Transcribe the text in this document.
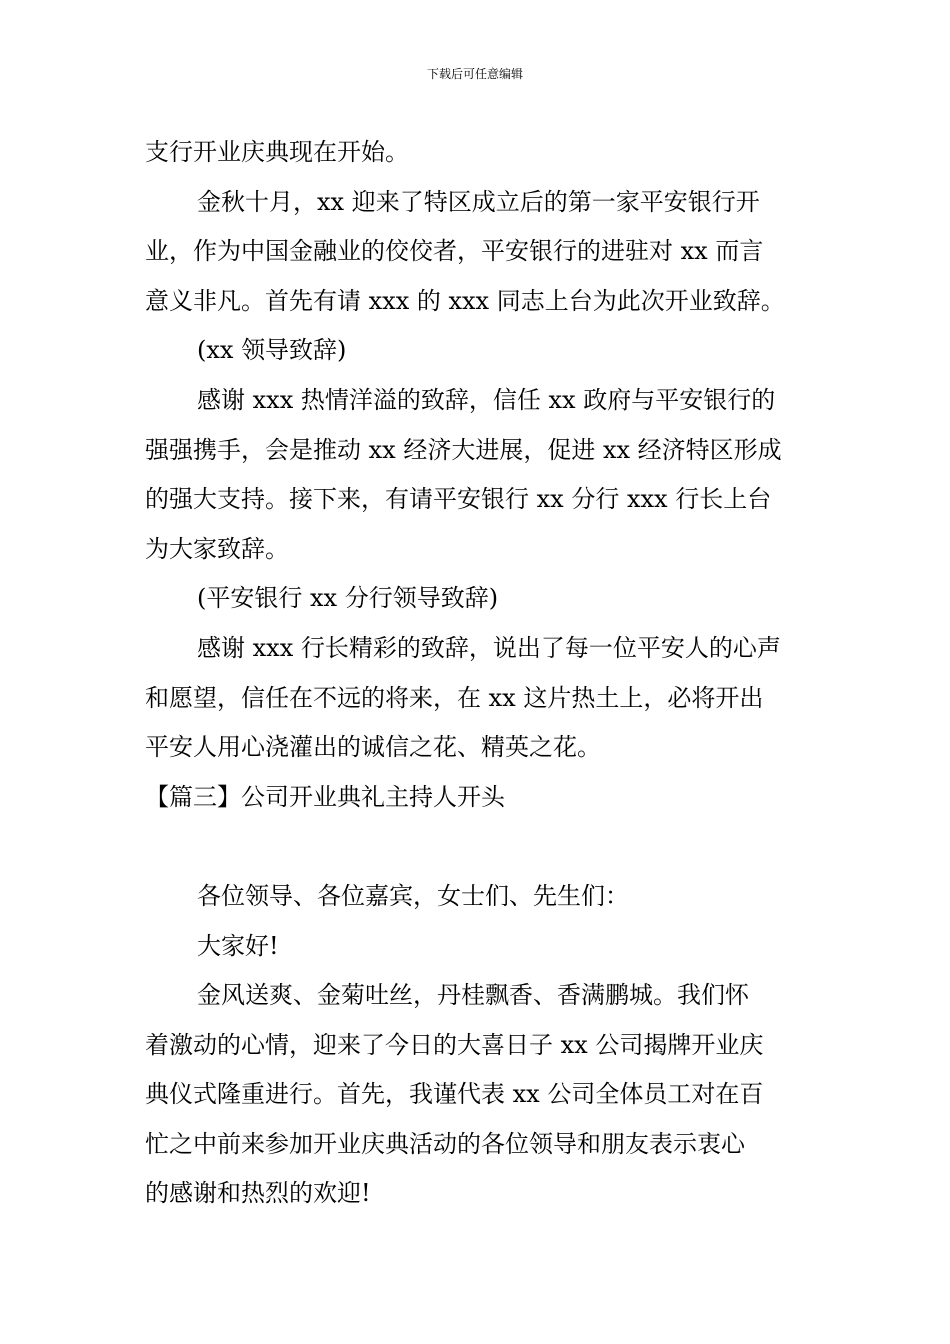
下载后可任意编辑
支行开业庆典现在开始。
金秋十月，xx 迎来了特区成立后的第一家平安银行开
业，作为中国金融业的佼佼者，平安银行的进驻对 xx 而言
意义非凡。首先有请 xxx 的 xxx 同志上台为此次开业致辞。
(xx 领导致辞)
感谢 xxx 热情洋溢的致辞，信任 xx 政府与平安银行的
强强携手，会是推动 xx 经济大进展，促进 xx 经济特区形成
的强大支持。接下来，有请平安银行 xx 分行 xxx 行长上台
为大家致辞。
(平安银行 xx 分行领导致辞)
感谢 xxx 行长精彩的致辞，说出了每一位平安人的心声
和愿望，信任在不远的将来，在 xx 这片热土上，必将开出
平安人用心浇灌出的诚信之花、精英之花。
【篇三】公司开业典礼主持人开头
各位领导、各位嘉宾，女士们、先生们：
大家好!
金风送爽、金菊吐丝，丹桂飘香、香满鹏城。我们怀
着激动的心情，迎来了今日的大喜日子 xx 公司揭牌开业庆
典仪式隆重进行。首先，我谨代表 xx 公司全体员工对在百
忙之中前来参加开业庆典活动的各位领导和朋友表示衷心
的感谢和热烈的欢迎!
